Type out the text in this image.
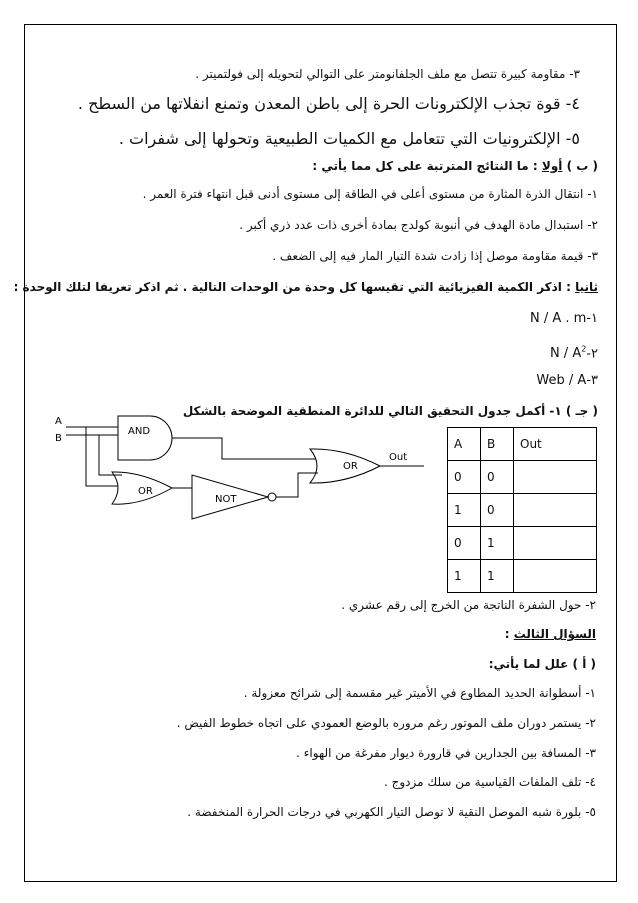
٣- مقاومة كبيرة تتصل مع ملف الجلفانومتر على التوالي لتحويله إلى فولتميتر .
٤- قوة تجذب الإلكترونات الحرة إلى باطن المعدن وتمنع انفلاتها من السطح .
٥- الإلكترونيات التي تتعامل مع الكميات الطبيعية وتحولها إلى شفرات .
( ب ) أولا : ما النتائج المترتبة على كل مما يأتي :
١- انتقال الذرة المثارة من مستوى أعلى في الطاقة إلى مستوى أدنى قبل انتهاء فترة العمر .
٢- استبدال مادة الهدف في أنبوبة كولدج بمادة أخرى ذات عدد ذري أكبر .
٣- قيمة مقاومة موصل إذا زادت شدة التيار المار فيه إلى الضعف .
ثانيا : اذكر الكمية الفيزيائية التي تقيسها كل وحدة من الوحدات التالية . ثم اذكر تعريفا لتلك الوحدة :
١-N / A . m
٢-N / $A^2$
٣-Web / A
( جـ ) ١- أكمل جدول التحقيق التالي للدائرة المنطقية الموضحة بالشكل
A
B
AND
OR
NOT
OR
Out
A	B	Out
0	0	
1	0	
0	1	
1	1	
٢- حول الشفرة الناتجة من الخرج إلى رقم عشري .
السؤال الثالث :
( أ ) علل لما يأتي:
١- أسطوانة الحديد المطاوع في الأميتر غير مقسمة إلى شرائح معزولة .
٢- يستمر دوران ملف الموتور رغم مروره بالوضع العمودي على اتجاه خطوط الفيض .
٣- المسافة بين الجدارين في قارورة ديوار مفرغة من الهواء .
٤- تلف الملفات القياسية من سلك مزدوج .
٥- بلورة شبه الموصل النقية لا توصل التيار الكهربي في درجات الحرارة المنخفضة .
